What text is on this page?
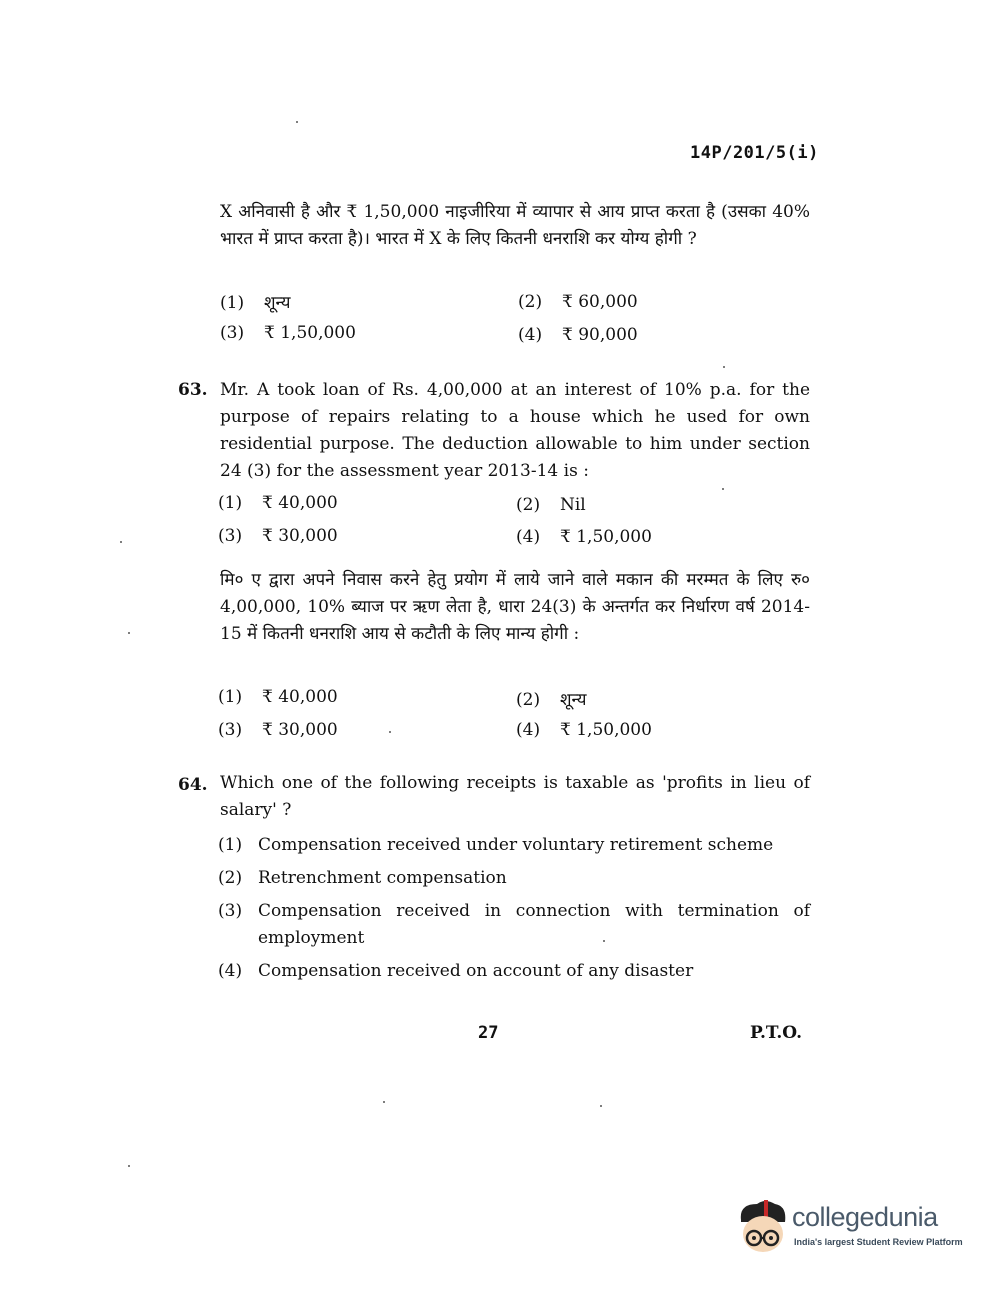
14P/201/5(i)
X अनिवासी है और ₹ 1,50,000 नाइजीरिया में व्यापार से आय प्राप्त करता है (उसका 40% भारत में प्राप्त करता है)। भारत में X के लिए कितनी धनराशि कर योग्य होगी ?
(1) शून्य	(2) ₹ 60,000
(3) ₹ 1,50,000	(4) ₹ 90,000
63. Mr. A took loan of Rs. 4,00,000 at an interest of 10% p.a. for the purpose of repairs relating to a house which he used for own residential purpose. The deduction allowable to him under section 24 (3) for the assessment year 2013-14 is :
(1) ₹ 40,000	(2) Nil
(3) ₹ 30,000	(4) ₹ 1,50,000
मि० ए द्वारा अपने निवास करने हेतु प्रयोग में लाये जाने वाले मकान की मरम्मत के लिए रु० 4,00,000, 10% ब्याज पर ऋण लेता है, धारा 24(3) के अन्तर्गत कर निर्धारण वर्ष 2014-15 में कितनी धनराशि आय से कटौती के लिए मान्य होगी :
(1) ₹ 40,000	(2) शून्य
(3) ₹ 30,000	(4) ₹ 1,50,000
64. Which one of the following receipts is taxable as 'profits in lieu of salary' ?
(1) Compensation received under voluntary retirement scheme
(2) Retrenchment compensation
(3) Compensation received in connection with termination of employment
(4) Compensation received on account of any disaster
27	P.T.O.
collegedunia
India's largest Student Review Platform
